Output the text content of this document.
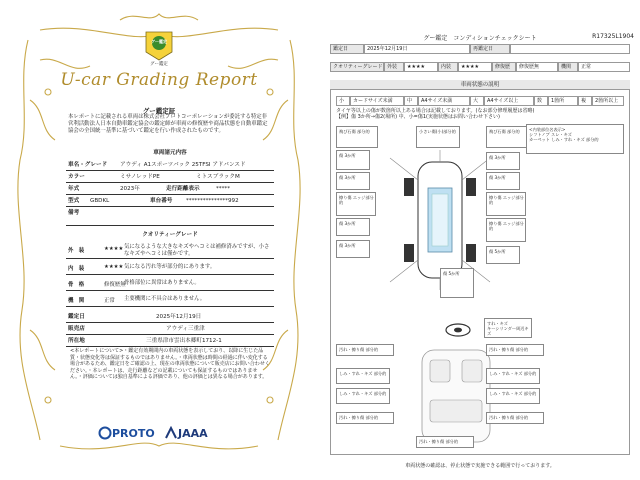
グー鑑定
グー鑑定
U-car Grading Report
グー鑑定証
本レポートに記載される車両は株式会社プロトコーポレーションが委託する特定非営利活動法人日本自動車鑑定協会の鑑定師が車両の修復歴や商品状態を自動車鑑定協会の全国統一基準に基づいて鑑定を行い作成されたものです。
車両諸元内容
車名・グレード アウディ A1スポーツバック 25TFSI アドバンスド
カラー	ミサノレッドPE	ミトスブラックM
年式	2023年	走行距離表示	*****
型式 GBDKL	車台番号 ***************992
備考
クオリティーグレード
外　装	★★★★ 気になるような大きなキズやヘコミは補修済みですが、小さなキズやヘコミは僅かです。
内　装	★★★★ 気になる汚れ等が部分的にあります。
骨　格	修復歴無
骨格部位に異常はありません。
機　関	正常 主要機関に不具合はありません。
鑑定日	2025年12月19日
販売店	アウディ三重津
所在地	三重県津市雲出本郷町1712-1
<本レポートについて>・鑑定有効期間内の車両状態を表示しており、以降に生じた品質・状態変化等は保証するものではありません。・車両状態は時間の経過に伴い変化する場合があるため、鑑定日をご確認の上、現在の車両状態について販売店にお問い合わせください。・本レポートは、走行距離などの記載についても保証するものではありません。・評価については独自基準による評価であり、他の評価とは異なる場合があります。
PROTO JAAA
グー鑑定　コンディションチェックシート	R17325L1904
鑑定日	2025年12月19日	再鑑定日
クオリティーグレード 外装	★★★★	内装	★★★★	修復歴	修復歴無	機関	正常
車両状態の説明
小	カードサイズ未満	中	A4サイズ未満	大	A4サイズ以上	数	1箇所	複	2箇所以上
タイヤ等以上の傷が数箇所以上ある場合は記載しております。(なお部分修理履歴は省略)
【例】傷 3か所→傷2(場所) 中、小=傷1(実施状態はお問い合わせ下さい)
飛び石傷 部分的	小さい傷(小)部分的	飛び石傷 部分的
傷 3か所	傷 3か所
傷 3か所	傷 3か所
擦り傷 エッジ部分的
擦り傷 エッジ部分的
傷 3か所	擦り傷 エッジ部分的
傷 3か所
傷 5か所
傷 5か所
<内装部位名表示>
シフトノブ スレ・キズ
カーペット しみ・すれ・キズ 部分的
すれ・キズ
キーシリンダー周辺キズ
汚れ・擦り傷 部分的	汚れ・擦り傷 部分的
しみ・すれ・キズ 部分的	しみ・すれ・キズ 部分的
しみ・すれ・キズ 部分的	しみ・すれ・キズ 部分的
汚れ・擦り傷 部分的	汚れ・擦り傷 部分的
汚れ・擦り傷 部分的
車両状態の確認は、停止状態で実施できる範囲で行っております。
